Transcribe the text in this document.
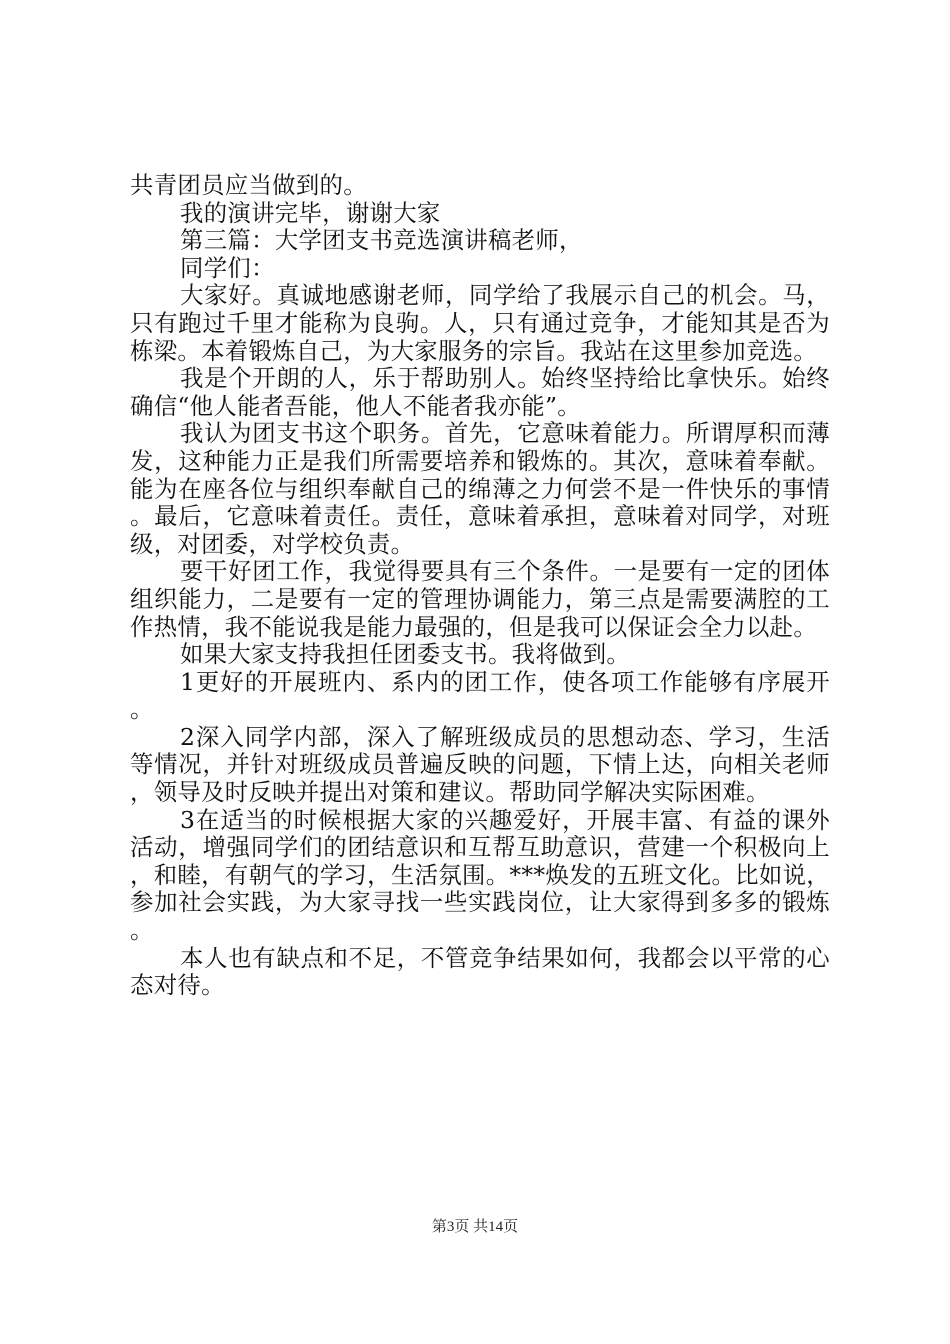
共青团员应当做到的。

我的演讲完毕，谢谢大家

第三篇：大学团支书竞选演讲稿老师，

同学们：

大家好。真诚地感谢老师，同学给了我展示自己的机会。马，只有跑过千里才能称为良驹。人，只有通过竞争，才能知其是否为栋梁。本着锻炼自己，为大家服务的宗旨。我站在这里参加竞选。

我是个开朗的人，乐于帮助别人。始终坚持给比拿快乐。始终确信“他人能者吾能，他人不能者我亦能”。

我认为团支书这个职务。首先，它意味着能力。所谓厚积而薄发，这种能力正是我们所需要培养和锻炼的。其次，意味着奉献。能为在座各位与组织奉献自己的绵薄之力何尝不是一件快乐的事情。最后，它意味着责任。责任，意味着承担，意味着对同学，对班级，对团委，对学校负责。

要干好团工作，我觉得要具有三个条件。一是要有一定的团体组织能力，二是要有一定的管理协调能力，第三点是需要满腔的工作热情，我不能说我是能力最强的，但是我可以保证会全力以赴。

如果大家支持我担任团委支书。我将做到。

1更好的开展班内、系内的团工作，使各项工作能够有序展开。

2深入同学内部，深入了解班级成员的思想动态、学习，生活等情况，并针对班级成员普遍反映的问题，下情上达，向相关老师，领导及时反映并提出对策和建议。帮助同学解决实际困难。

3在适当的时候根据大家的兴趣爱好，开展丰富、有益的课外活动，增强同学们的团结意识和互帮互助意识，营建一个积极向上，和睦，有朝气的学习，生活氛围。***焕发的五班文化。比如说，参加社会实践，为大家寻找一些实践岗位，让大家得到多多的锻炼。

本人也有缺点和不足，不管竞争结果如何，我都会以平常的心态对待。

第3页 共14页
